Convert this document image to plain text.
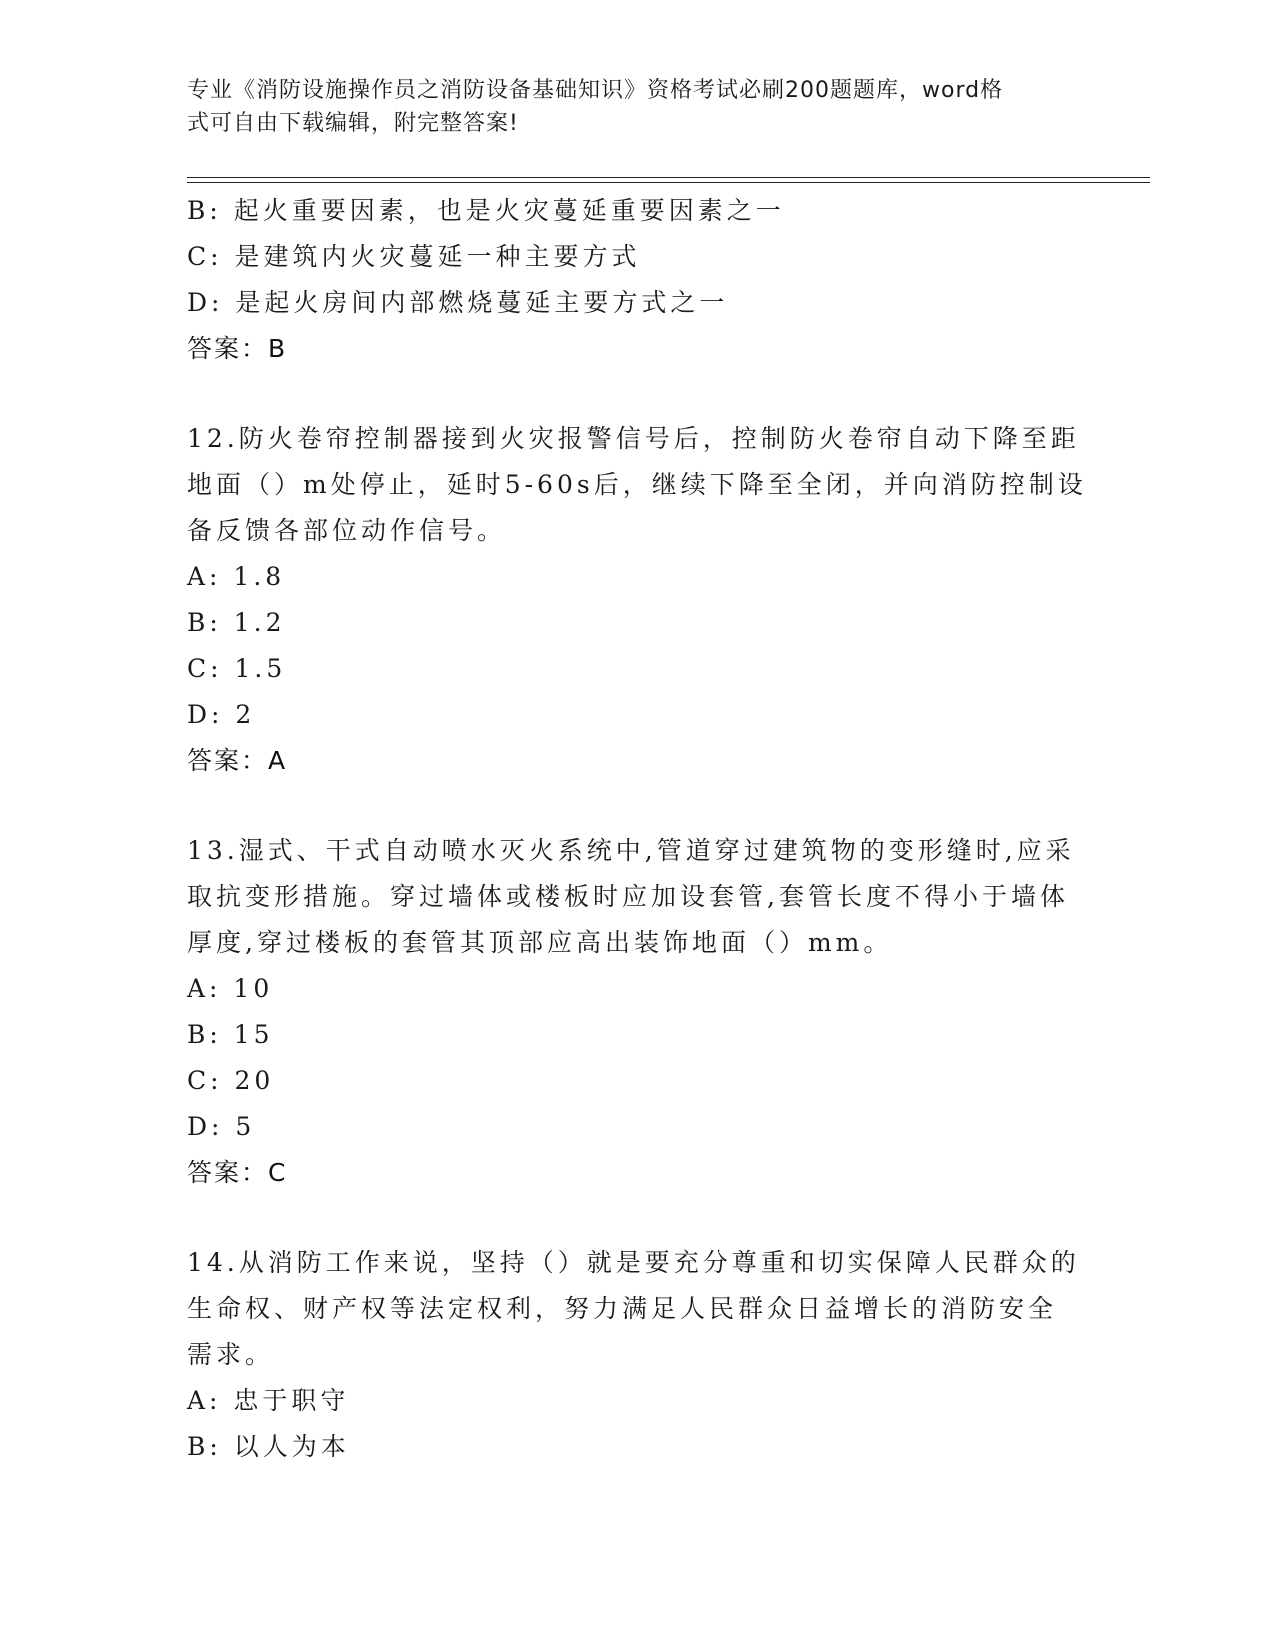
专业《消防设施操作员之消防设备基础知识》资格考试必刷200题题库，word格
式可自由下载编辑，附完整答案!
B: 起火重要因素，也是火灾蔓延重要因素之一
C: 是建筑内火灾蔓延一种主要方式
D: 是起火房间内部燃烧蔓延主要方式之一
答案：B
12.防火卷帘控制器接到火灾报警信号后，控制防火卷帘自动下降至距
地面（）m处停止，延时5-60s后，继续下降至全闭，并向消防控制设
备反馈各部位动作信号。
A: 1.8
B: 1.2
C: 1.5
D: 2
答案：A
13.湿式、干式自动喷水灭火系统中,管道穿过建筑物的变形缝时,应采
取抗变形措施。穿过墙体或楼板时应加设套管,套管长度不得小于墙体
厚度,穿过楼板的套管其顶部应高出装饰地面（）mm。
A: 10
B: 15
C: 20
D: 5
答案：C
14.从消防工作来说，坚持（）就是要充分尊重和切实保障人民群众的
生命权、财产权等法定权利，努力满足人民群众日益增长的消防安全
需求。
A: 忠于职守
B: 以人为本
